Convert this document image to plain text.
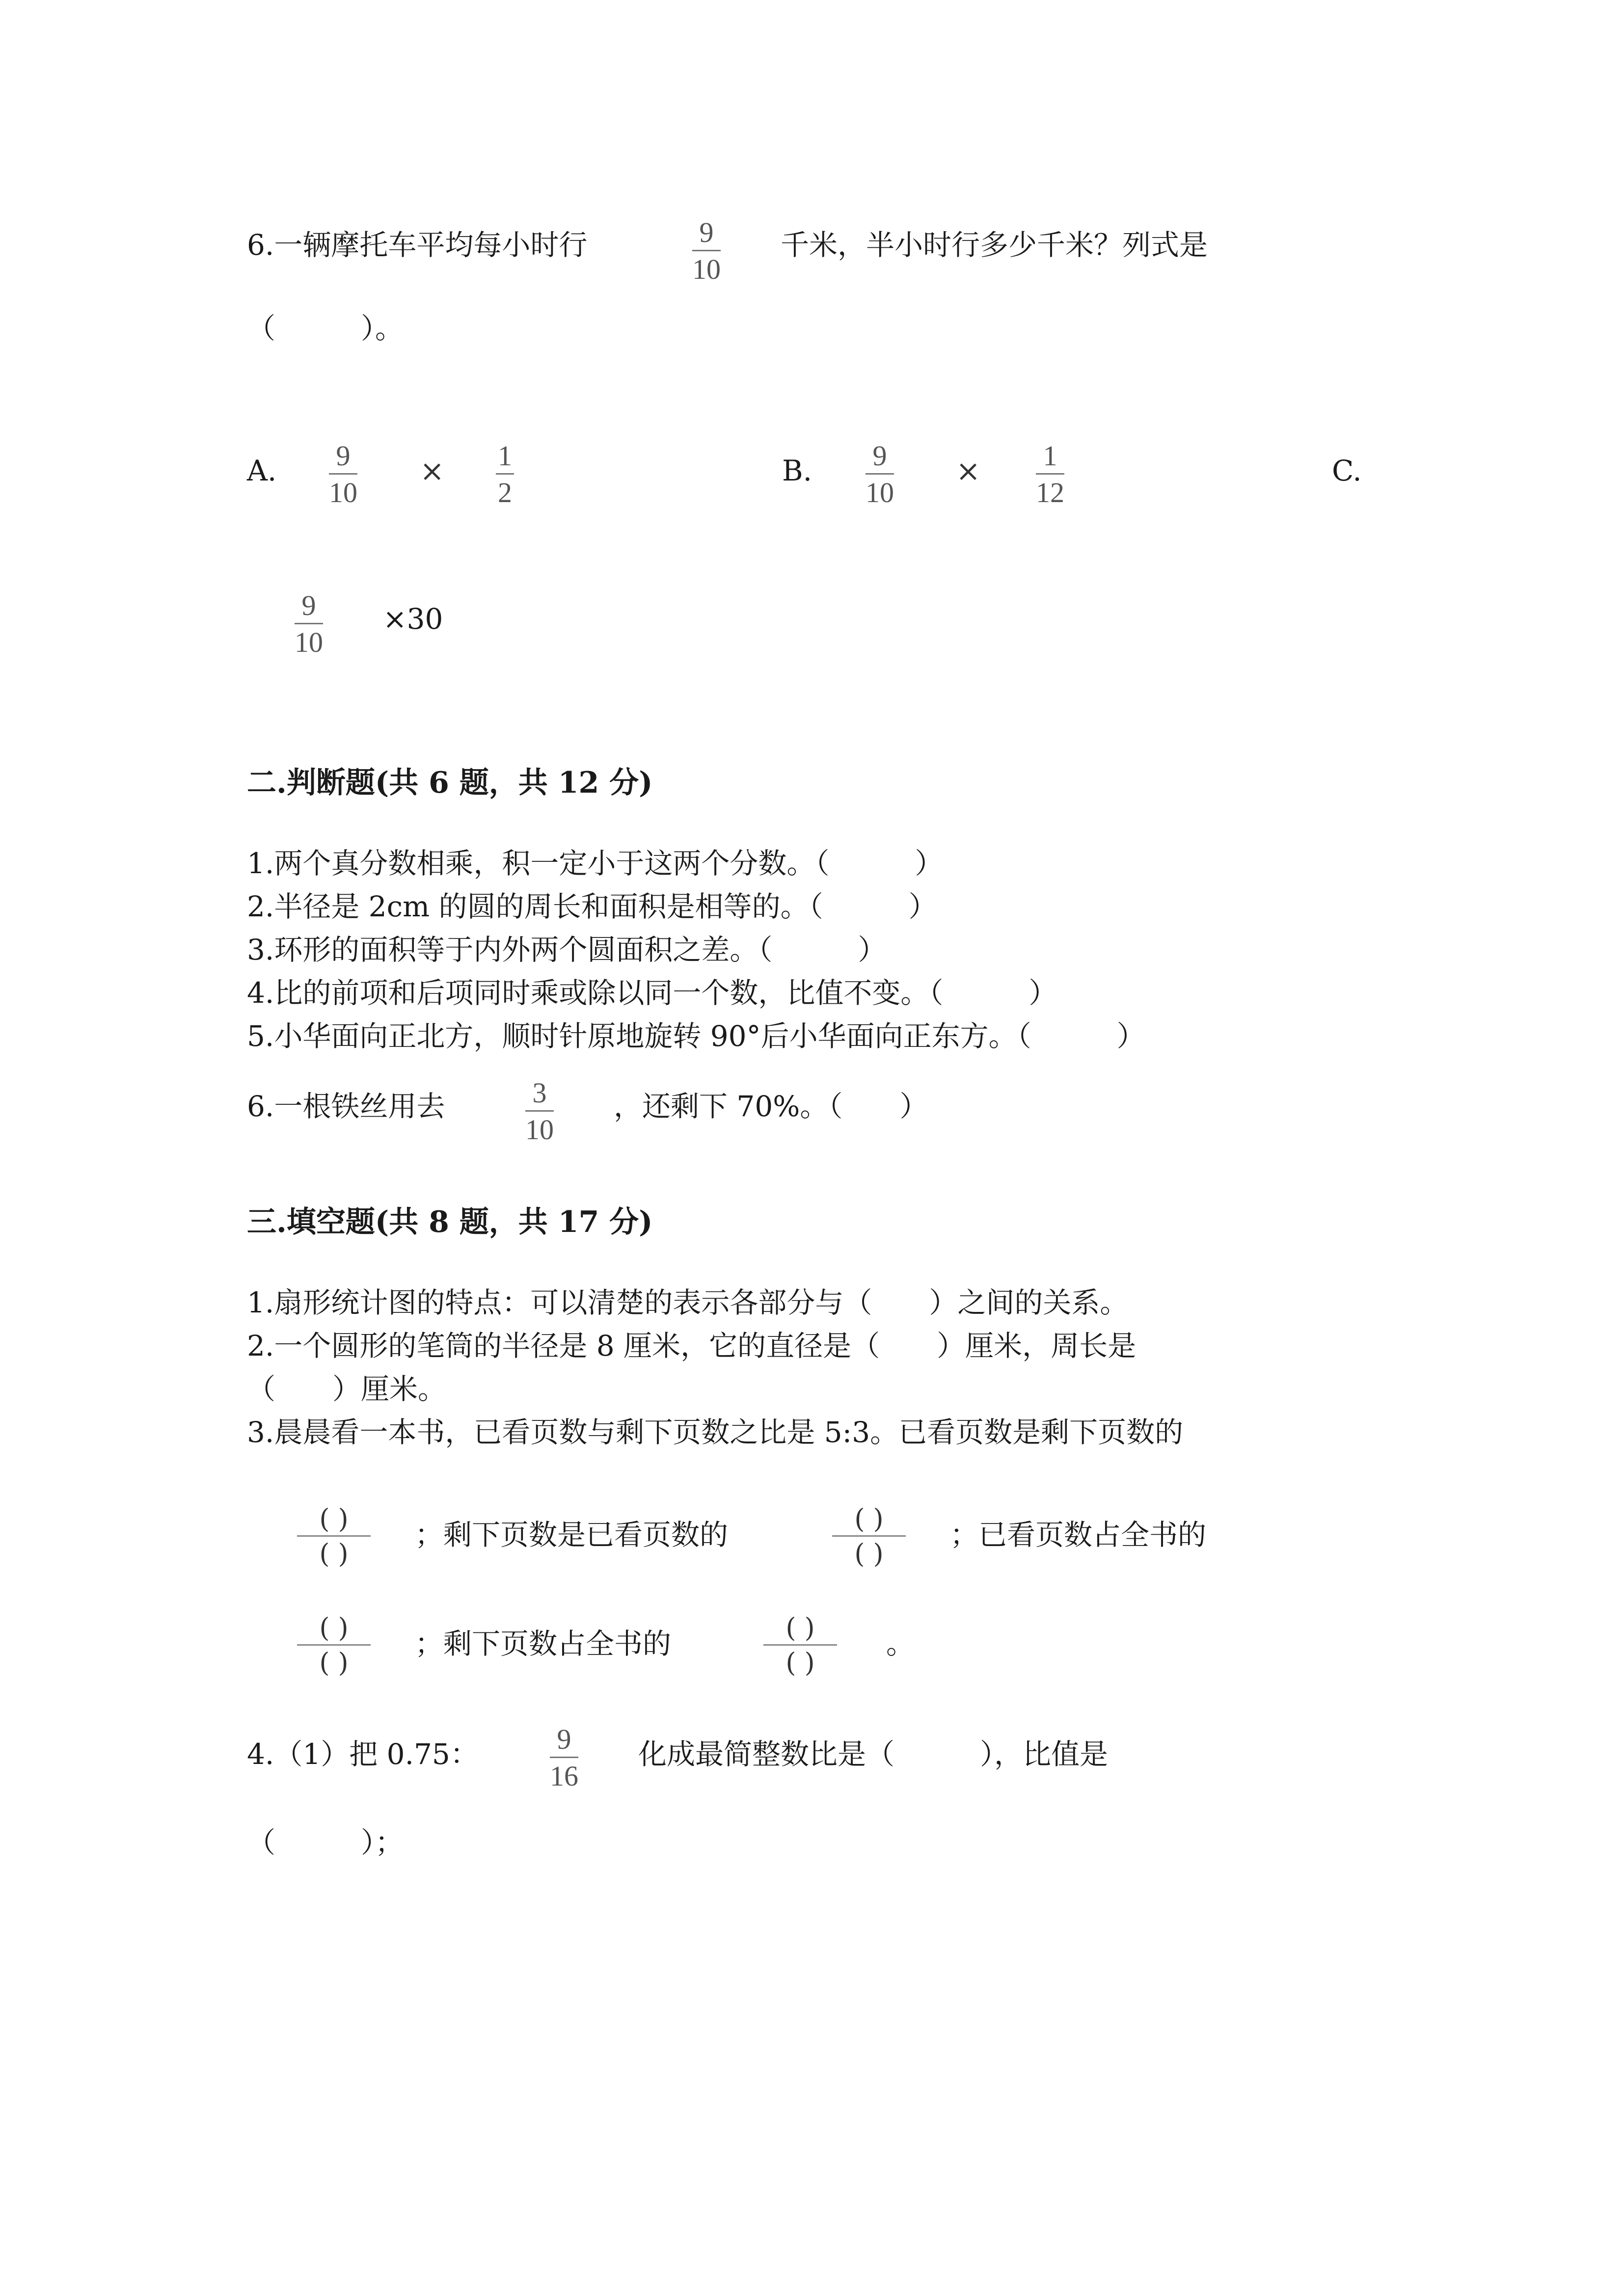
6.一辆摩托车平均每小时行	9
10
千米，半小时行多少千米？列式是
（　　　）。
A. 9
10
× 1
2
B. 9
10
× 1
12
C.
9
10
×30
二.判断题(共 6 题，共 12 分)
1.两个真分数相乘，积一定小于这两个分数。（　　　）
2.半径是 2cm 的圆的周长和面积是相等的。（　　　）
3.环形的面积等于内外两个圆面积之差。（　　　）
4.比的前项和后项同时乘或除以同一个数，比值不变。（　　　）
5.小华面向正北方，顺时针原地旋转 90°后小华面向正东方。（　　　）
6.一根铁丝用去	3
10
，还剩下 70%。（　　）
三.填空题(共 8 题，共 17 分)
1.扇形统计图的特点：可以清楚的表示各部分与（　　）之间的关系。
2.一个圆形的笔筒的半径是 8 厘米，它的直径是（　　）厘米，周长是
（　　）厘米。
3.晨晨看一本书，已看页数与剩下页数之比是 5:3。已看页数是剩下页数的
( )
( )
；剩下页数是已看页数的	( )
( )
；已看页数占全书的
( )
( )
；剩下页数占全书的	( )
( )
。
4.（1）把 0.75：	9
16
化成最简整数比是（　　　），比值是
（　　　）；
